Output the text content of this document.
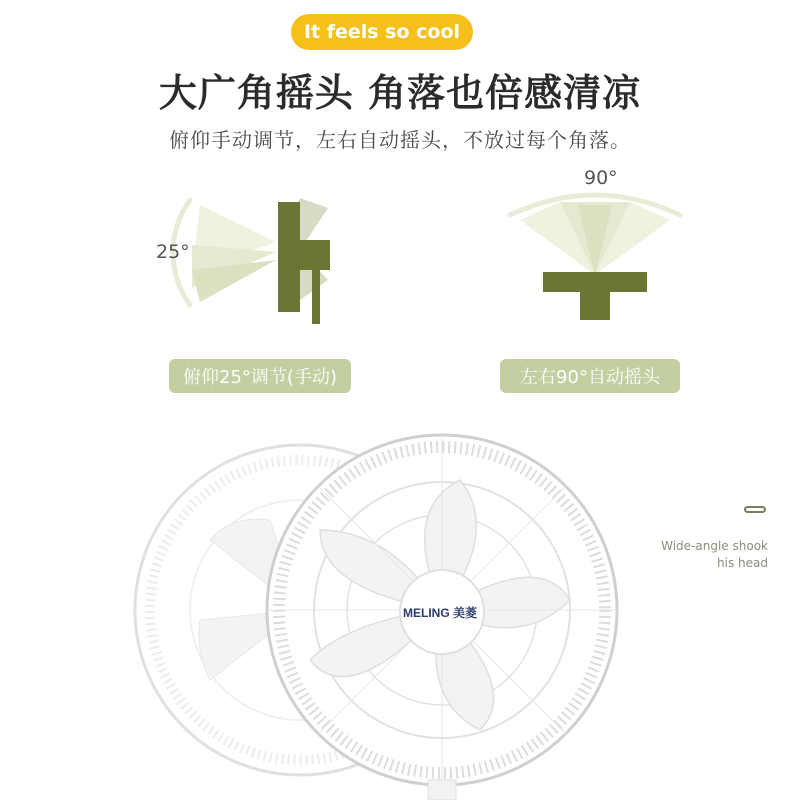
It feels so cool
大广角摇头 角落也倍感清凉
俯仰手动调节，左右自动摇头，不放过每个角落。
25°
俯仰25°调节(手动)
90°
左右90°自动摇头
MELING 美菱
Wide-angle shook
his head
